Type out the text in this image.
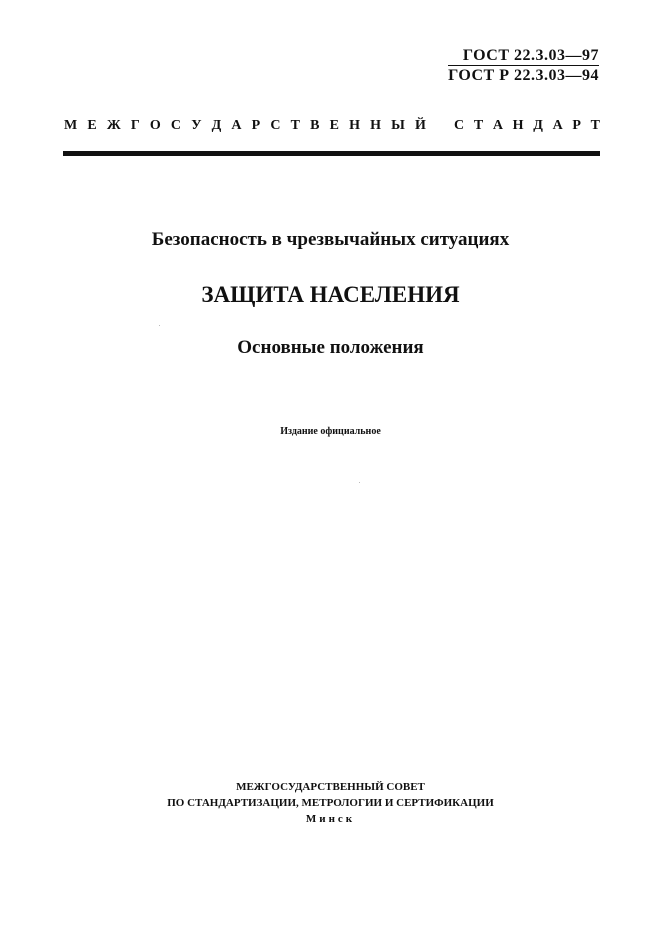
ГОСТ 22.3.03—97
ГОСТ Р 22.3.03—94
М Е Ж Г О С У Д А Р С Т В Е Н Н Ы Й С Т А Н Д А Р Т
Безопасность в чрезвычайных ситуациях
ЗАЩИТА НАСЕЛЕНИЯ
Основные положения
Издание официальное
МЕЖГОСУДАРСТВЕННЫЙ СОВЕТ
ПО СТАНДАРТИЗАЦИИ, МЕТРОЛОГИИ И СЕРТИФИКАЦИИ
Минск
